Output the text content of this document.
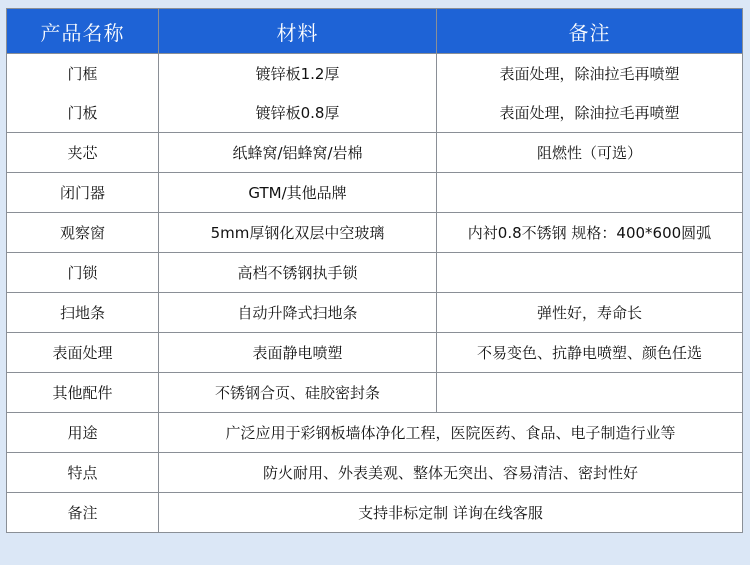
产品名称	材料	备注
门框	镀锌板1.2厚	表面处理，除油拉毛再喷塑
门板	镀锌板0.8厚	表面处理，除油拉毛再喷塑
夹芯	纸蜂窝/铝蜂窝/岩棉	阻燃性（可选）
闭门器	GTM/其他品牌	
观察窗	5mm厚钢化双层中空玻璃	内衬0.8不锈钢 规格：400*600圆弧
门锁	高档不锈钢执手锁	
扫地条	自动升降式扫地条	弹性好，寿命长
表面处理	表面静电喷塑	不易变色、抗静电喷塑、颜色任选
其他配件	不锈钢合页、硅胶密封条	
用途	广泛应用于彩钢板墙体净化工程，医院医药、食品、电子制造行业等	
特点	防火耐用、外表美观、整体无突出、容易清洁、密封性好	
备注	支持非标定制 详询在线客服	
